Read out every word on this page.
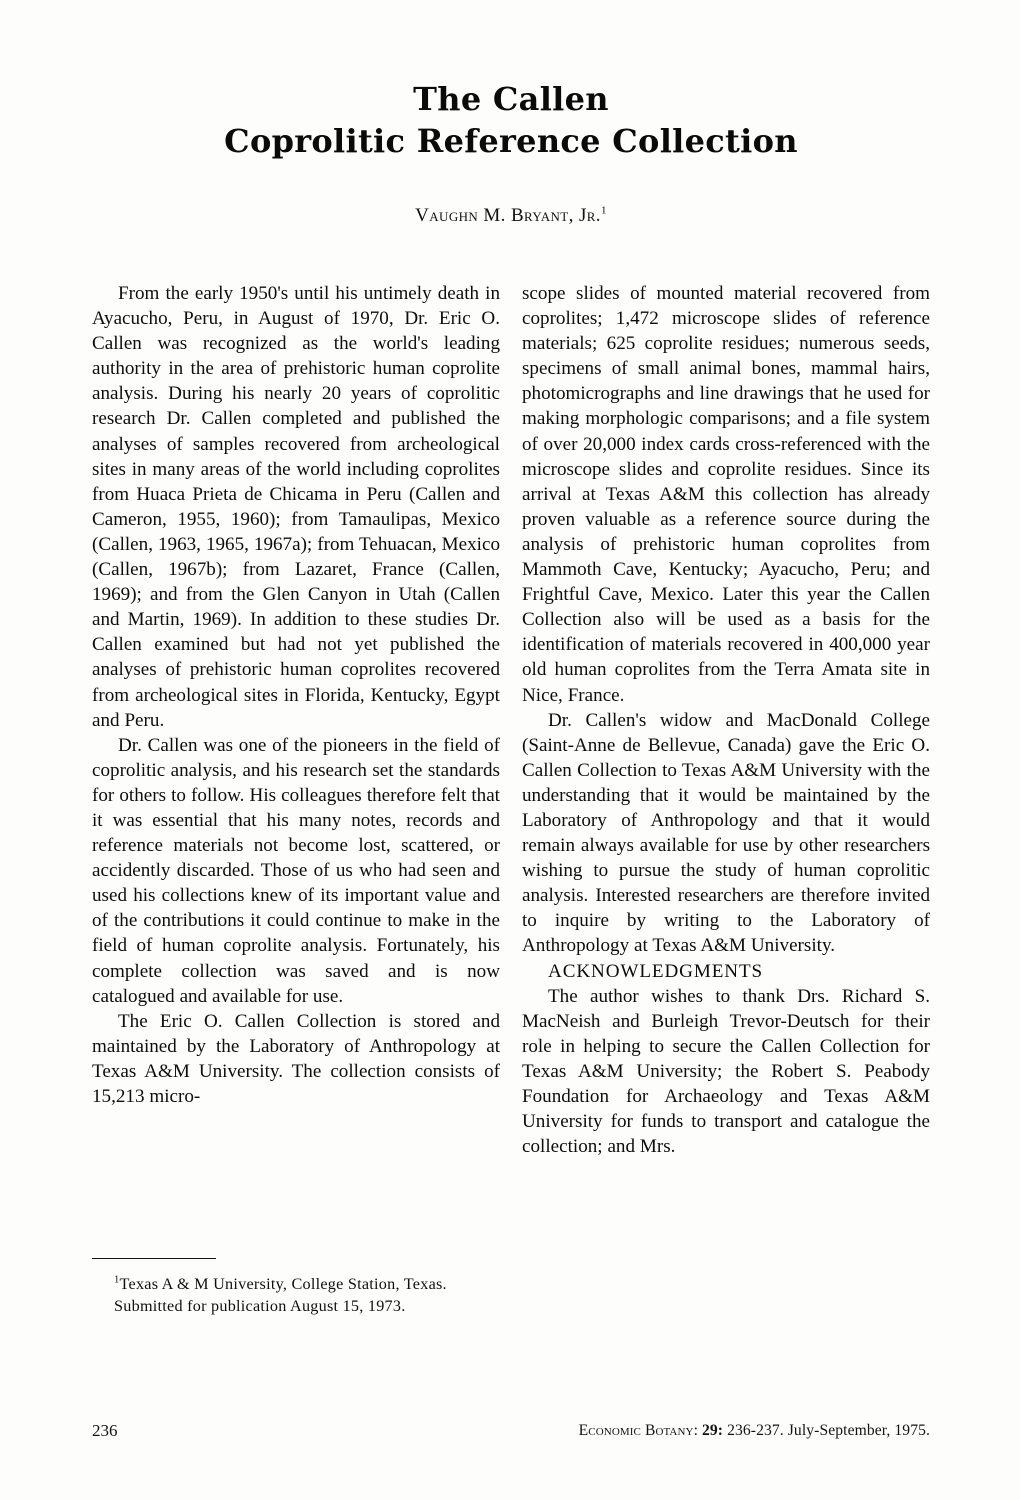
The Callen
Coprolitic Reference Collection
Vaughn M. Bryant, Jr.$^1$

From the early 1950's until his untimely death in Ayacucho, Peru, in August of 1970, Dr. Eric O. Callen was recognized as the world's leading authority in the area of prehistoric human coprolite analysis. During his nearly 20 years of coprolitic research Dr. Callen completed and published the analyses of samples recovered from archeological sites in many areas of the world including coprolites from Huaca Prieta de Chicama in Peru (Callen and Cameron, 1955, 1960); from Tamaulipas, Mexico (Callen, 1963, 1965, 1967a); from Tehuacan, Mexico (Callen, 1967b); from Lazaret, France (Callen, 1969); and from the Glen Canyon in Utah (Callen and Martin, 1969). In addition to these studies Dr. Callen examined but had not yet published the analyses of prehistoric human coprolites recovered from archeological sites in Florida, Kentucky, Egypt and Peru.

Dr. Callen was one of the pioneers in the field of coprolitic analysis, and his research set the standards for others to follow. His colleagues therefore felt that it was essential that his many notes, records and reference materials not become lost, scattered, or accidently discarded. Those of us who had seen and used his collections knew of its important value and of the contributions it could continue to make in the field of human coprolite analysis. Fortunately, his complete collection was saved and is now catalogued and available for use.

The Eric O. Callen Collection is stored and maintained by the Laboratory of Anthropology at Texas A&M University. The collection consists of 15,213 micro-

scope slides of mounted material recovered from coprolites; 1,472 microscope slides of reference materials; 625 coprolite residues; numerous seeds, specimens of small animal bones, mammal hairs, photomicrographs and line drawings that he used for making morphologic comparisons; and a file system of over 20,000 index cards cross-referenced with the microscope slides and coprolite residues. Since its arrival at Texas A&M this collection has already proven valuable as a reference source during the analysis of prehistoric human coprolites from Mammoth Cave, Kentucky; Ayacucho, Peru; and Frightful Cave, Mexico. Later this year the Callen Collection also will be used as a basis for the identification of materials recovered in 400,000 year old human coprolites from the Terra Amata site in Nice, France.

Dr. Callen's widow and MacDonald College (Saint-Anne de Bellevue, Canada) gave the Eric O. Callen Collection to Texas A&M University with the understanding that it would be maintained by the Laboratory of Anthropology and that it would remain always available for use by other researchers wishing to pursue the study of human coprolitic analysis. Interested researchers are therefore invited to inquire by writing to the Laboratory of Anthropology at Texas A&M University.

ACKNOWLEDGMENTS

The author wishes to thank Drs. Richard S. MacNeish and Burleigh Trevor-Deutsch for their role in helping to secure the Callen Collection for Texas A&M University; the Robert S. Peabody Foundation for Archaeology and Texas A&M University for funds to transport and catalogue the collection; and Mrs.

$^1$Texas A & M University, College Station, Texas.

Submitted for publication August 15, 1973.

236	Economic Botany: 29: 236-237. July-September, 1975.
